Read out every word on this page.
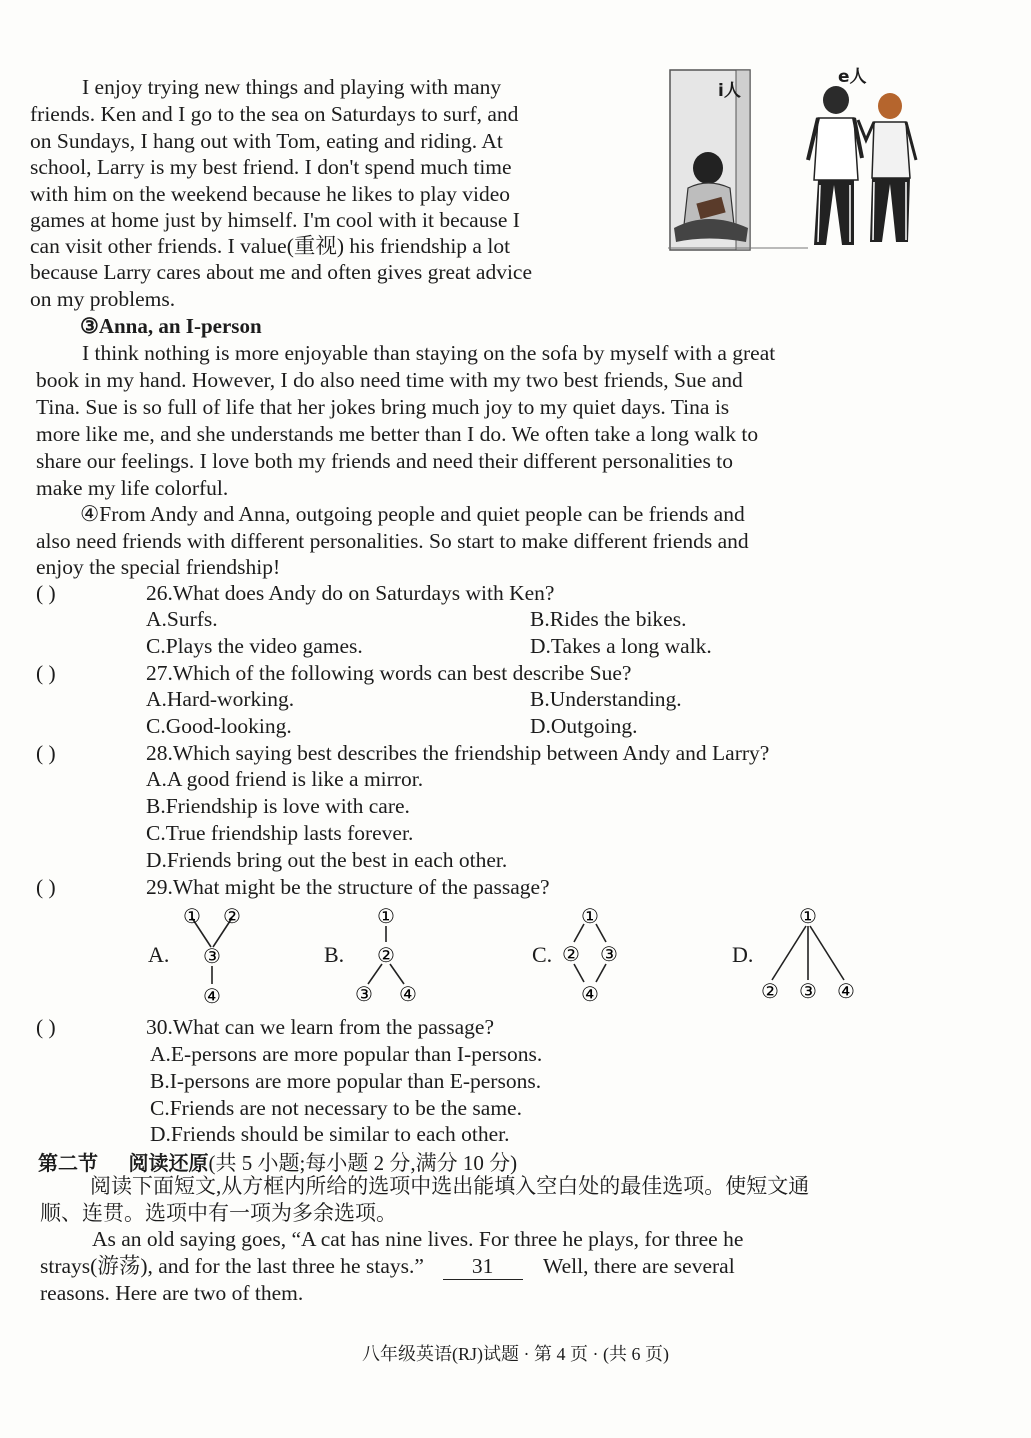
I enjoy trying new things and playing with many
friends. Ken and I go to the sea on Saturdays to surf, and
on Sundays, I hang out with Tom, eating and riding. At
school, Larry is my best friend. I don't spend much time
with him on the weekend because he likes to play video
games at home just by himself. I'm cool with it because I
can visit other friends. I value(重视) his friendship a lot
because Larry cares about me and often gives great advice
on my problems.
i人
e人
③Anna, an I-person
I think nothing is more enjoyable than staying on the sofa by myself with a great
book in my hand. However, I do also need time with my two best friends, Sue and
Tina. Sue is so full of life that her jokes bring much joy to my quiet days. Tina is
more like me, and she understands me better than I do. We often take a long walk to
share our feelings. I love both my friends and need their different personalities to
make my life colorful.
④From Andy and Anna, outgoing people and quiet people can be friends and
also need friends with different personalities. So start to make different friends and
enjoy the special friendship!
( )	26.What does Andy do on Saturdays with Ken?
A.Surfs.	B.Rides the bikes.
C.Plays the video games.	D.Takes a long walk.
( )	27.Which of the following words can best describe Sue?
A.Hard-working.	B.Understanding.
C.Good-looking.	D.Outgoing.
( )	28.Which saying best describes the friendship between Andy and Larry?
A.A good friend is like a mirror.
B.Friendship is love with care.
C.True friendship lasts forever.
D.Friends bring out the best in each other.
( )	29.What might be the structure of the passage?
A.
① ②
③
④
B.
①
②
③ ④
C.
①
② ③
④
D.
①
② ③ ④
( )	30.What can we learn from the passage?
A.E-persons are more popular than I-persons.
B.I-persons are more popular than E-persons.
C.Friends are not necessary to be the same.
D.Friends should be similar to each other.
第二节 阅读还原(共 5 小题;每小题 2 分,满分 10 分)
阅读下面短文,从方框内所给的选项中选出能填入空白处的最佳选项。使短文通
顺、连贯。选项中有一项为多余选项。
As an old saying goes, “A cat has nine lives. For three he plays, for three he
strays(游荡), and for the last three he stays.” 31 Well, there are several
reasons. Here are two of them.
八年级英语(RJ)试题 · 第 4 页 · (共 6 页)
